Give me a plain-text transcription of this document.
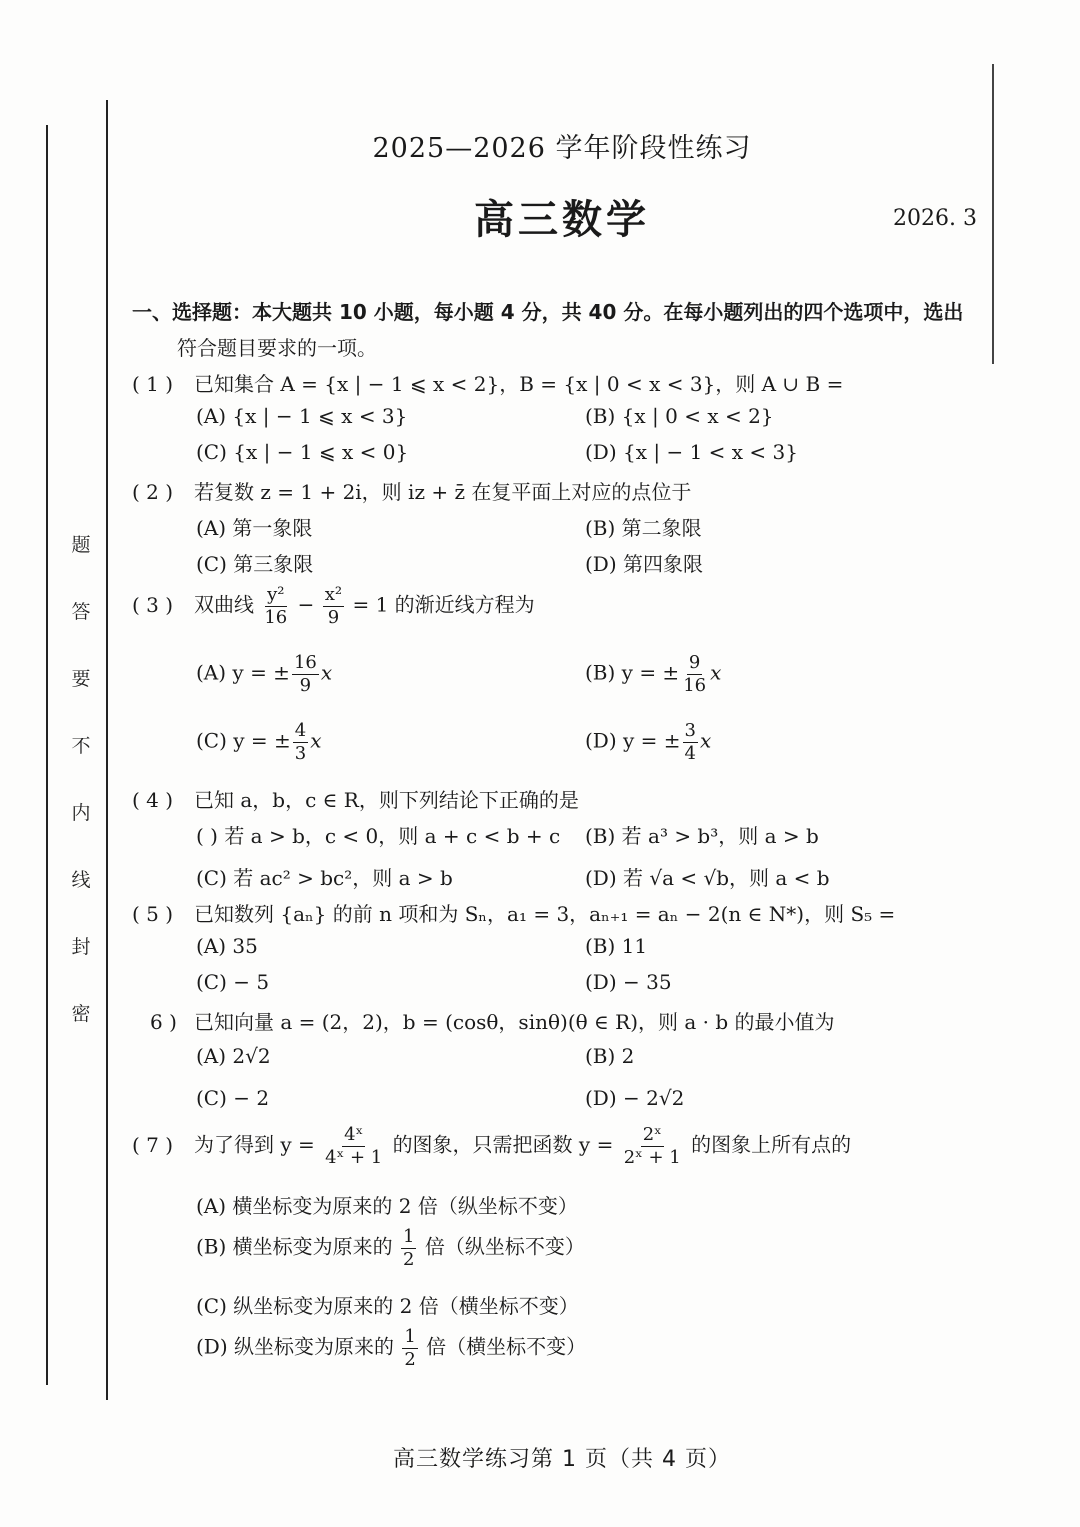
题
答
要
不
内
线
封
密
2025—2026 学年阶段性练习
高三数学	2026. 3
一、选择题：本大题共 10 小题，每小题 4 分，共 40 分。在每小题列出的四个选项中，选出
符合题目要求的一项。
( 1 ) 已知集合 A = {x | − 1 ⩽ x < 2}，B = {x | 0 < x < 3}，则 A ∪ B =
(A) {x | − 1 ⩽ x < 3}	(B) {x | 0 < x < 2}
(C) {x | − 1 ⩽ x < 0}	(D) {x | − 1 < x < 3}
( 2 ) 若复数 z = 1 + 2i，则 iz + z̄ 在复平面上对应的点位于
(A) 第一象限	(B) 第二象限
(C) 第三象限	(D) 第四象限
( 3 ) 双曲线 $\frac{\text{y²}}{16} - \frac{\text{x²}}{9} = 1$ 的渐近线方程为
(A) y = ± $\frac{16}{9}$ x	(B) y = ± $\frac{9}{16}$ x
(C) y = ± $\frac{4}{3}$ x	(D) y = ± $\frac{3}{4}$ x
( 4 ) 已知 a，b，c ∈ R，则下列结论下正确的是
( ) 若 a > b，c < 0，则 a + c < b + c (B) 若 a³ > b³，则 a > b
(C) 若 ac² > bc²，则 a > b	(D) 若 √a < √b，则 a < b
( 5 ) 已知数列 {aₙ} 的前 n 项和为 Sₙ，a₁ = 3，aₙ₊₁ = aₙ − 2(n ∈ N*)，则 S₅ =
(A) 35	(B) 11
(C) − 5	(D) − 35
6 ) 已知向量 a = (2，2)，b = (cosθ，sinθ)(θ ∈ R)，则 a · b 的最小值为
(A) 2√2	(B) 2
(C) − 2	(D) − 2√2
( 7 ) 为了得到 $y = \frac{\text{4ˣ}}{\text{4ˣ + 1}}$ 的图象，只需把函数 $y = \frac{\text{2ˣ}}{\text{2ˣ + 1}}$ 的图象上所有点的
(A) 横坐标变为原来的 2 倍（纵坐标不变）
(B) 横坐标变为原来的 $\frac{1}{2}$ 倍（纵坐标不变）
(C) 纵坐标变为原来的 2 倍（横坐标不变）
(D) 纵坐标变为原来的 $\frac{1}{2}$ 倍（横坐标不变）
高三数学练习第 1 页（共 4 页）
